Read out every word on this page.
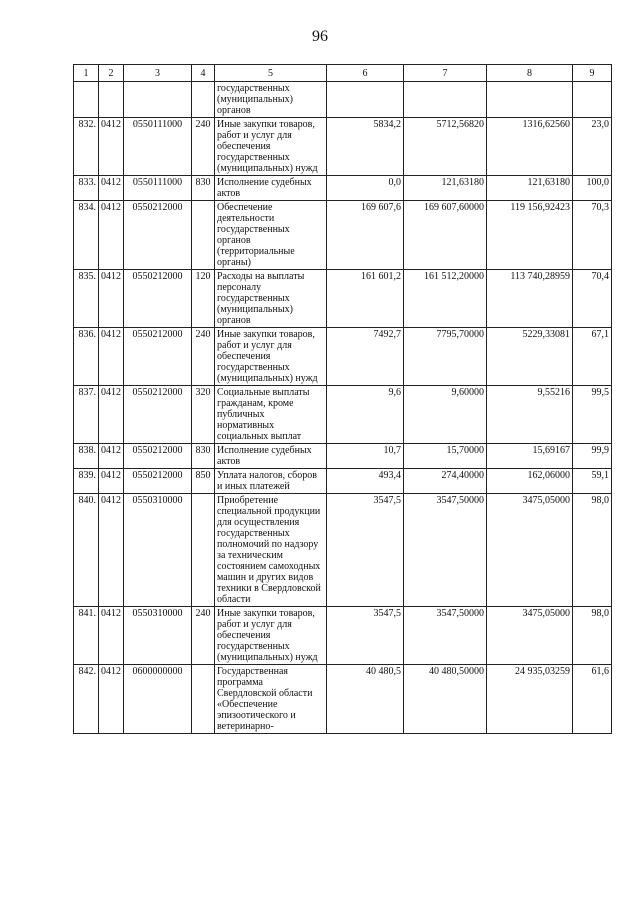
96
1	2	3	4	5	6	7	8	9
				государственных (муниципальных) органов				
832.	0412	0550111000	240	Иные закупки товаров, работ и услуг для обеспечения государственных (муниципальных) нужд	5834,2	5712,56820	1316,62560	23,0
833.	0412	0550111000	830	Исполнение судебных актов	0,0	121,63180	121,63180	100,0
834.	0412	0550212000		Обеспечение деятельности государственных органов (территориальные органы)	169 607,6	169 607,60000	119 156,92423	70,3
835.	0412	0550212000	120	Расходы на выплаты персоналу государственных (муниципальных) органов	161 601,2	161 512,20000	113 740,28959	70,4
836.	0412	0550212000	240	Иные закупки товаров, работ и услуг для обеспечения государственных (муниципальных) нужд	7492,7	7795,70000	5229,33081	67,1
837.	0412	0550212000	320	Социальные выплаты гражданам, кроме публичных нормативных социальных выплат	9,6	9,60000	9,55216	99,5
838.	0412	0550212000	830	Исполнение судебных актов	10,7	15,70000	15,69167	99,9
839.	0412	0550212000	850	Уплата налогов, сборов и иных платежей	493,4	274,40000	162,06000	59,1
840.	0412	0550310000		Приобретение специальной продукции для осуществления государственных полномочий по надзору за техническим состоянием самоходных машин и других видов техники в Свердловской области	3547,5	3547,50000	3475,05000	98,0
841.	0412	0550310000	240	Иные закупки товаров, работ и услуг для обеспечения государственных (муниципальных) нужд	3547,5	3547,50000	3475,05000	98,0
842.	0412	0600000000		Государственная программа Свердловской области «Обеспечение эпизоотического и ветеринарно-	40 480,5	40 480,50000	24 935,03259	61,6
